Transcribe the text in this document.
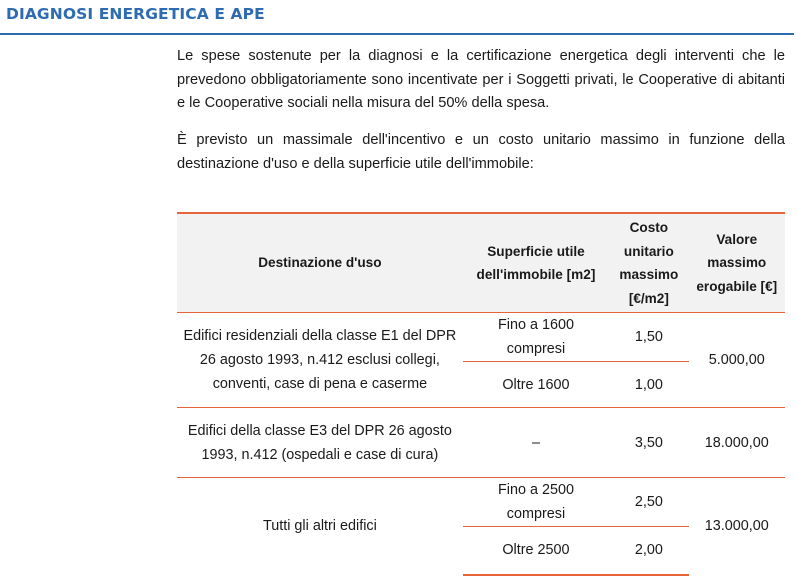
DIAGNOSI ENERGETICA E APE

Le spese sostenute per la diagnosi e la certificazione energetica degli interventi che le prevedono obbligatoriamente sono incentivate per i Soggetti privati, le Cooperative di abitanti e le Cooperative sociali nella misura del 50% della spesa.

È previsto un massimale dell'incentivo e un costo unitario massimo in funzione della destinazione d'uso e della superficie utile dell'immobile:

Destinazione d'uso	Superficie utile dell'immobile [m2]	Costo unitario massimo [€/m2]	Valore massimo erogabile [€]
Edifici residenziali della classe E1 del DPR 26 agosto 1993, n.412 esclusi collegi, conventi, case di pena e caserme	Fino a 1600 compresi	1,50	5.000,00
	Oltre 1600	1,00	
Edifici della classe E3 del DPR 26 agosto 1993, n.412 (ospedali e case di cura)	–	3,50	18.000,00
Tutti gli altri edifici	Fino a 2500 compresi	2,50	13.000,00
	Oltre 2500	2,00	
